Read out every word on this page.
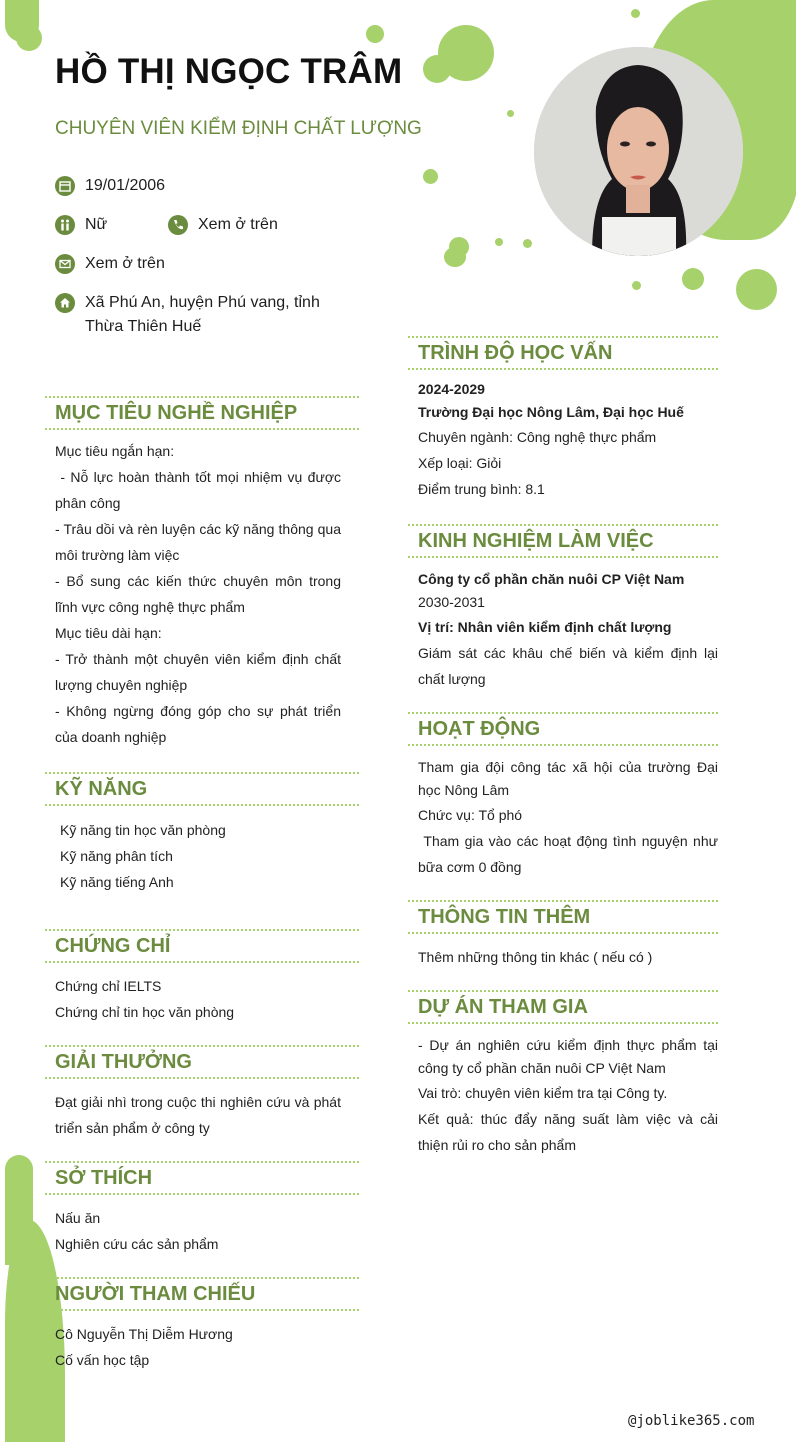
HỒ THỊ NGỌC TRÂM
CHUYÊN VIÊN KIỂM ĐỊNH CHẤT LƯỢNG
19/01/2006
Nữ	Xem ở trên
Xem ở trên
Xã Phú An, huyện Phú vang, tỉnh
Thừa Thiên Huế
MỤC TIÊU NGHỀ NGHIỆP

Mục tiêu ngắn hạn:

- Nỗ lực hoàn thành tốt mọi nhiệm vụ được phân công

- Trâu dồi và rèn luyện các kỹ năng thông qua môi trường làm việc

- Bổ sung các kiến thức chuyên môn trong lĩnh vực công nghệ thực phẩm

Mục tiêu dài hạn:

- Trở thành một chuyên viên kiểm định chất lượng chuyên nghiệp

- Không ngừng đóng góp cho sự phát triển của doanh nghiệp

KỸ NĂNG

Kỹ năng tin học văn phòng

Kỹ năng phân tích

Kỹ năng tiếng Anh

CHỨNG CHỈ

Chứng chỉ IELTS

Chứng chỉ tin học văn phòng

GIẢI THƯỞNG

Đạt giải nhì trong cuộc thi nghiên cứu và phát triển sản phẩm ở công ty

SỞ THÍCH

Nấu ăn

Nghiên cứu các sản phẩm

NGƯỜI THAM CHIẾU

Cô Nguyễn Thị Diễm Hương

Cố vấn học tập

TRÌNH ĐỘ HỌC VẤN

2024-2029

Trường Đại học Nông Lâm, Đại học Huế

Chuyên ngành: Công nghệ thực phẩm

Xếp loại: Giỏi

Điểm trung bình: 8.1

KINH NGHIỆM LÀM VIỆC

Công ty cổ phần chăn nuôi CP Việt Nam

2030-2031

Vị trí: Nhân viên kiểm định chất lượng

Giám sát các khâu chế biến và kiểm định lại chất lượng

HOẠT ĐỘNG

Tham gia đội công tác xã hội của trường Đại học Nông Lâm

Chức vụ: Tổ phó

Tham gia vào các hoạt động tình nguyện như bữa cơm 0 đồng

THÔNG TIN THÊM

Thêm những thông tin khác ( nếu có )

DỰ ÁN THAM GIA

- Dự án nghiên cứu kiểm định thực phẩm tại công ty cổ phần chăn nuôi CP Việt Nam

Vai trò: chuyên viên kiểm tra tại Công ty.

Kết quả: thúc đẩy năng suất làm việc và cải thiện rủi ro cho sản phẩm

@joblike365.com
